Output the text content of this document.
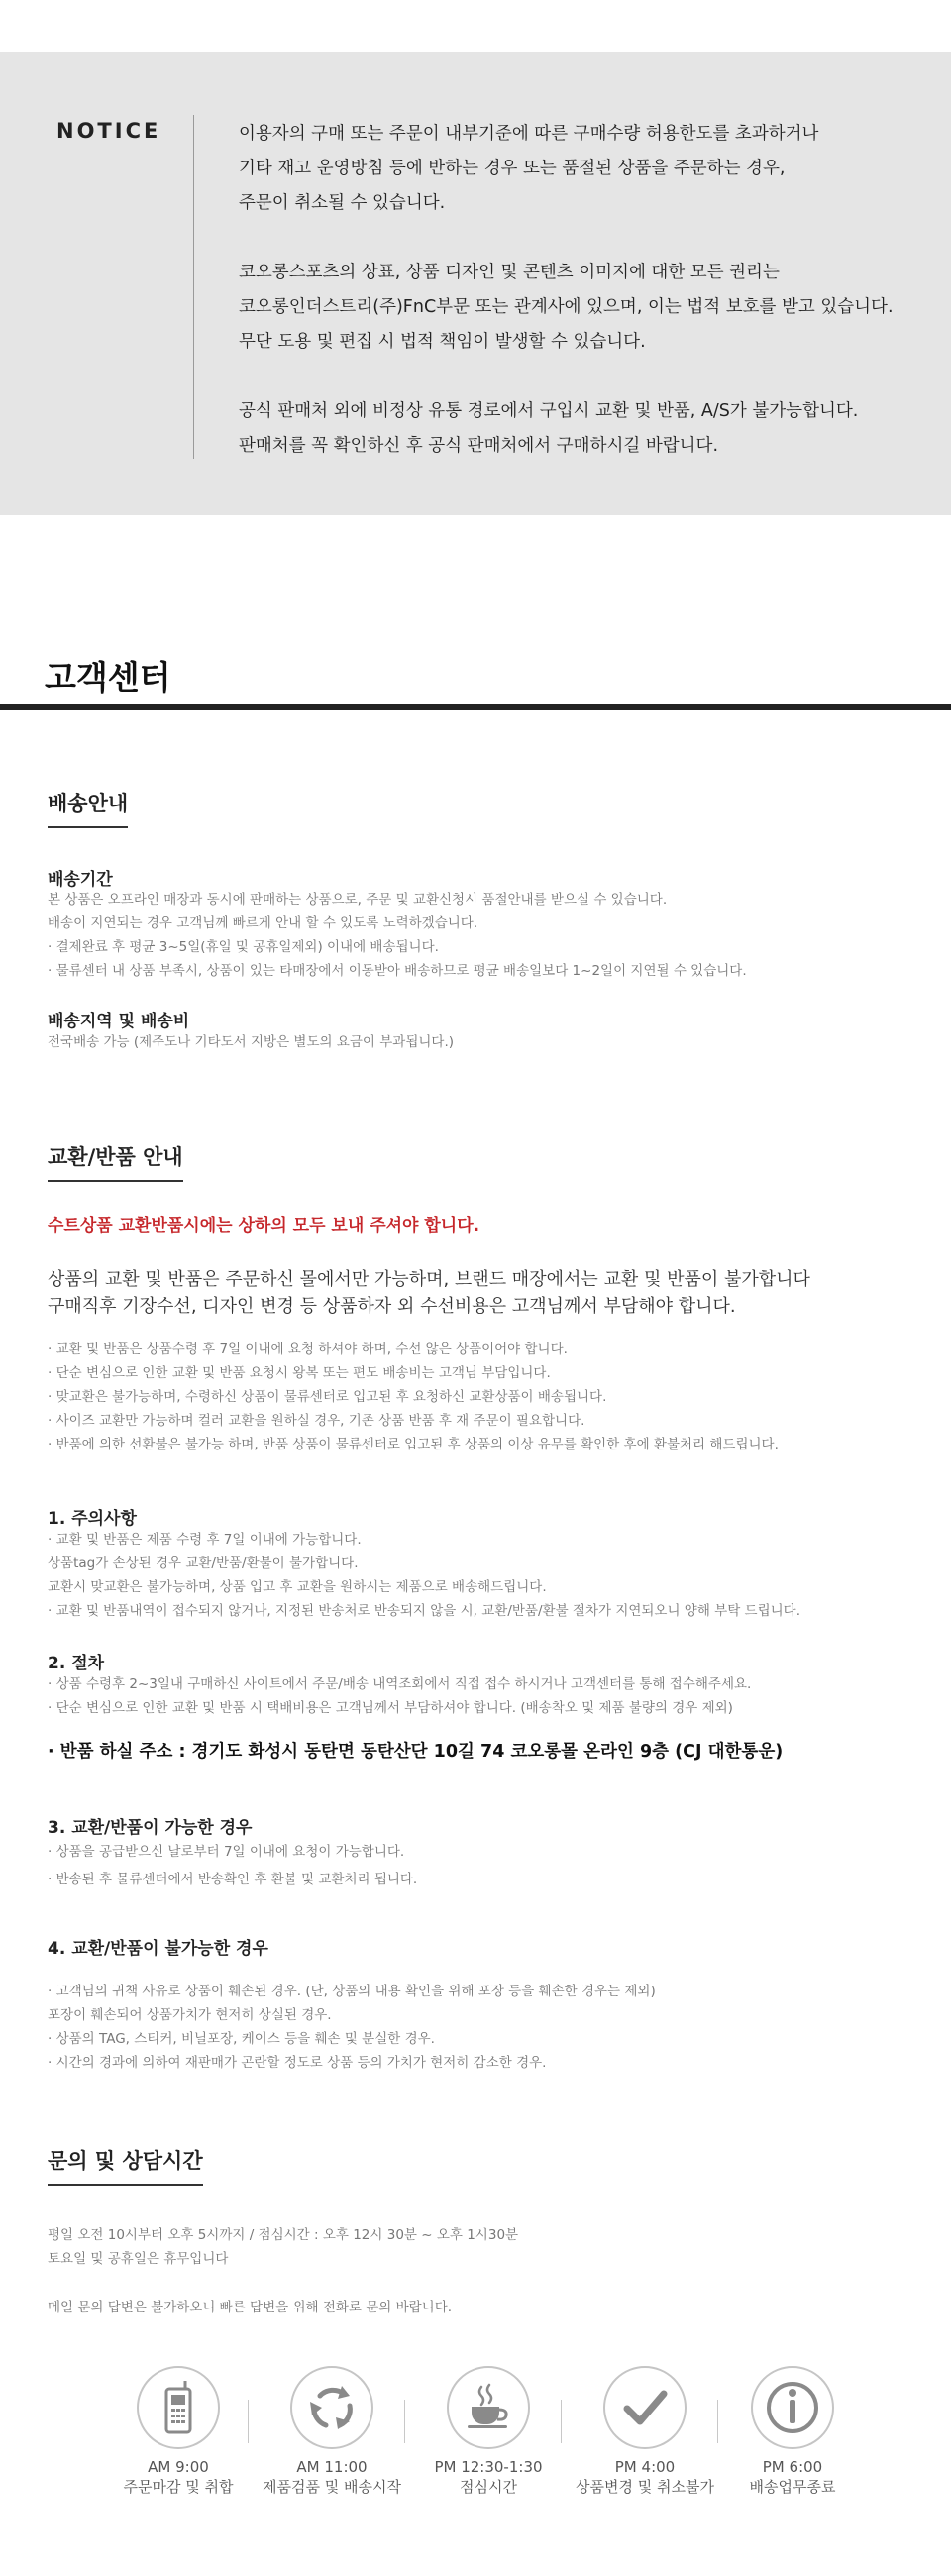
NOTICE	이용자의 구매 또는 주문이 내부기준에 따른 구매수량 허용한도를 초과하거나

기타 재고 운영방침 등에 반하는 경우 또는 품절된 상품을 주문하는 경우,

주문이 취소될 수 있습니다.

코오롱스포츠의 상표, 상품 디자인 및 콘텐츠 이미지에 대한 모든 권리는

코오롱인더스트리(주)FnC부문 또는 관계사에 있으며, 이는 법적 보호를 받고 있습니다.

무단 도용 및 편집 시 법적 책임이 발생할 수 있습니다.

공식 판매처 외에 비정상 유통 경로에서 구입시 교환 및 반품, A/S가 불가능합니다.

판매처를 꼭 확인하신 후 공식 판매처에서 구매하시길 바랍니다.

고객센터
배송안내
배송기간

본 상품은 오프라인 매장과 동시에 판매하는 상품으로, 주문 및 교환신청시 품절안내를 받으실 수 있습니다.

배송이 지연되는 경우 고객님께 빠르게 안내 할 수 있도록 노력하겠습니다.

· 결제완료 후 평균 3~5일(휴일 및 공휴일제외) 이내에 배송됩니다.

· 물류센터 내 상품 부족시, 상품이 있는 타매장에서 이동받아 배송하므로 평균 배송일보다 1~2일이 지연될 수 있습니다.

배송지역 및 배송비

전국배송 가능 (제주도나 기타도서 지방은 별도의 요금이 부과됩니다.)

교환/반품 안내
수트상품 교환반품시에는 상하의 모두 보내 주셔야 합니다.

상품의 교환 및 반품은 주문하신 몰에서만 가능하며, 브랜드 매장에서는 교환 및 반품이 불가합니다

구매직후 기장수선, 디자인 변경 등 상품하자 외 수선비용은 고객님께서 부담해야 합니다.

· 교환 및 반품은 상품수령 후 7일 이내에 요청 하셔야 하며, 수선 않은 상품이어야 합니다.

· 단순 변심으로 인한 교환 및 반품 요청시 왕복 또는 편도 배송비는 고객님 부담입니다.

· 맞교환은 불가능하며, 수령하신 상품이 물류센터로 입고된 후 요청하신 교환상품이 배송됩니다.

· 사이즈 교환만 가능하며 컬러 교환을 원하실 경우, 기존 상품 반품 후 재 주문이 필요합니다.

· 반품에 의한 선환불은 불가능 하며, 반품 상품이 물류센터로 입고된 후 상품의 이상 유무를 확인한 후에 환불처리 해드립니다.

1. 주의사항

· 교환 및 반품은 제품 수령 후 7일 이내에 가능합니다.

상품tag가 손상된 경우 교환/반품/환불이 불가합니다.

교환시 맞교환은 불가능하며, 상품 입고 후 교환을 원하시는 제품으로 배송해드립니다.

· 교환 및 반품내역이 접수되지 않거나, 지정된 반송처로 반송되지 않을 시, 교환/반품/환불 절차가 지연되오니 양해 부탁 드립니다.

2. 절차

· 상품 수령후 2~3일내 구매하신 사이트에서 주문/배송 내역조회에서 직접 접수 하시거나 고객센터를 통해 접수해주세요.

· 단순 변심으로 인한 교환 및 반품 시 택배비용은 고객님께서 부담하셔야 합니다. (배송착오 및 제품 불량의 경우 제외)

· 반품 하실 주소 : 경기도 화성시 동탄면 동탄산단 10길 74 코오롱몰 온라인 9층 (CJ 대한통운)
3. 교환/반품이 가능한 경우

· 상품을 공급받으신 날로부터 7일 이내에 요청이 가능합니다.

· 반송된 후 물류센터에서 반송확인 후 환불 및 교환처리 됩니다.

4. 교환/반품이 불가능한 경우

· 고객님의 귀책 사유로 상품이 훼손된 경우. (단, 상품의 내용 확인을 위해 포장 등을 훼손한 경우는 제외)

포장이 훼손되어 상품가치가 현저히 상실된 경우.

· 상품의 TAG, 스티커, 비닐포장, 케이스 등을 훼손 및 분실한 경우.

· 시간의 경과에 의하여 재판매가 곤란할 정도로 상품 등의 가치가 현저히 감소한 경우.

문의 및 상담시간

평일 오전 10시부터 오후 5시까지 / 점심시간 : 오후 12시 30분 ~ 오후 1시30분

토요일 및 공휴일은 휴무입니다

메일 문의 답변은 불가하오니 빠른 답변을 위해 전화로 문의 바랍니다.

AM 9:00
주문마감 및 취합
AM 11:00
제품검품 및 배송시작
PM 12:30-1:30
점심시간
PM 4:00
상품변경 및 취소불가
PM 6:00
배송업무종료
